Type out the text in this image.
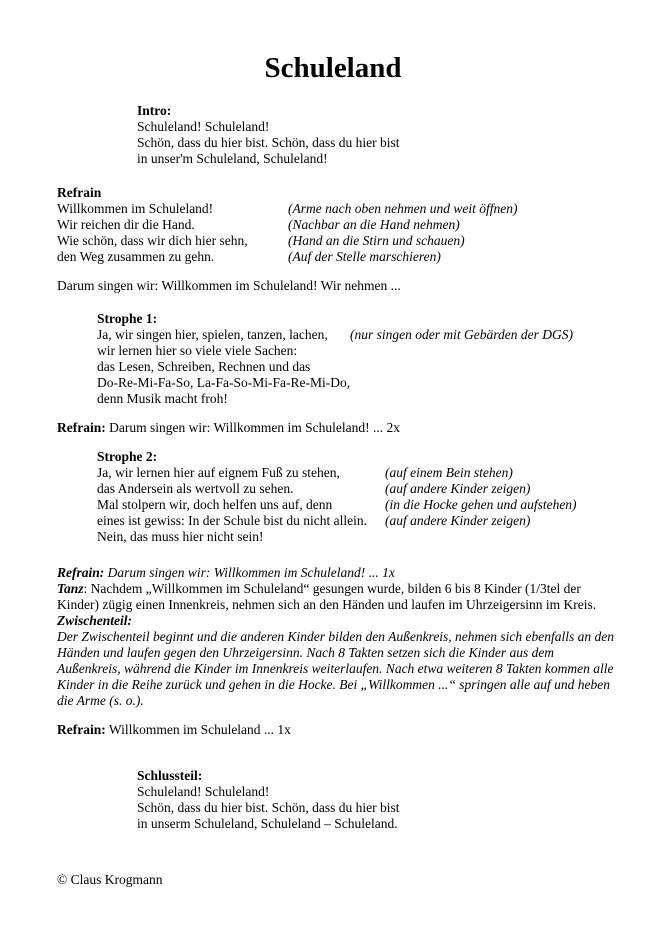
Schuleland
Intro:
Schuleland! Schuleland!
Schön, dass du hier bist. Schön, dass du hier bist
in unser'm Schuleland, Schuleland!
Refrain
Willkommen im Schuleland!	(Arme nach oben nehmen und weit öffnen)
Wir reichen dir die Hand.	(Nachbar an die Hand nehmen)
Wie schön, dass wir dich hier sehn,	(Hand an die Stirn und schauen)
den Weg zusammen zu gehn.	(Auf der Stelle marschieren)
Darum singen wir: Willkommen im Schuleland! Wir nehmen ...
Strophe 1:
Ja, wir singen hier, spielen, tanzen, lachen,	(nur singen oder mit Gebärden der DGS)
wir lernen hier so viele viele Sachen:
das Lesen, Schreiben, Rechnen und das
Do-Re-Mi-Fa-So, La-Fa-So-Mi-Fa-Re-Mi-Do,
denn Musik macht froh!
Refrain: Darum singen wir: Willkommen im Schuleland! ... 2x
Strophe 2:
Ja, wir lernen hier auf eignem Fuß zu stehen,	(auf einem Bein stehen)
das Andersein als wertvoll zu sehen.	(auf andere Kinder zeigen)
Mal stolpern wir, doch helfen uns auf, denn	(in die Hocke gehen und aufstehen)
eines ist gewiss: In der Schule bist du nicht allein.	(auf andere Kinder zeigen)
Nein, das muss hier nicht sein!
Refrain: Darum singen wir: Willkommen im Schuleland! ... 1x
Tanz: Nachdem „Willkommen im Schuleland“ gesungen wurde, bilden 6 bis 8 Kinder (1/3tel der Kinder) zügig einen Innenkreis, nehmen sich an den Händen und laufen im Uhrzeigersinn im Kreis.
Zwischenteil:
Der Zwischenteil beginnt und die anderen Kinder bilden den Außenkreis, nehmen sich ebenfalls an den Händen und laufen gegen den Uhrzeigersinn. Nach 8 Takten setzen sich die Kinder aus dem Außenkreis, während die Kinder im Innenkreis weiterlaufen. Nach etwa weiteren 8 Takten kommen alle Kinder in die Reihe zurück und gehen in die Hocke. Bei „Willkommen ...“ springen alle auf und heben die Arme (s. o.).
Refrain: Willkommen im Schuleland ... 1x
Schlussteil:
Schuleland! Schuleland!
Schön, dass du hier bist. Schön, dass du hier bist
in unserm Schuleland, Schuleland – Schuleland.
© Claus Krogmann
